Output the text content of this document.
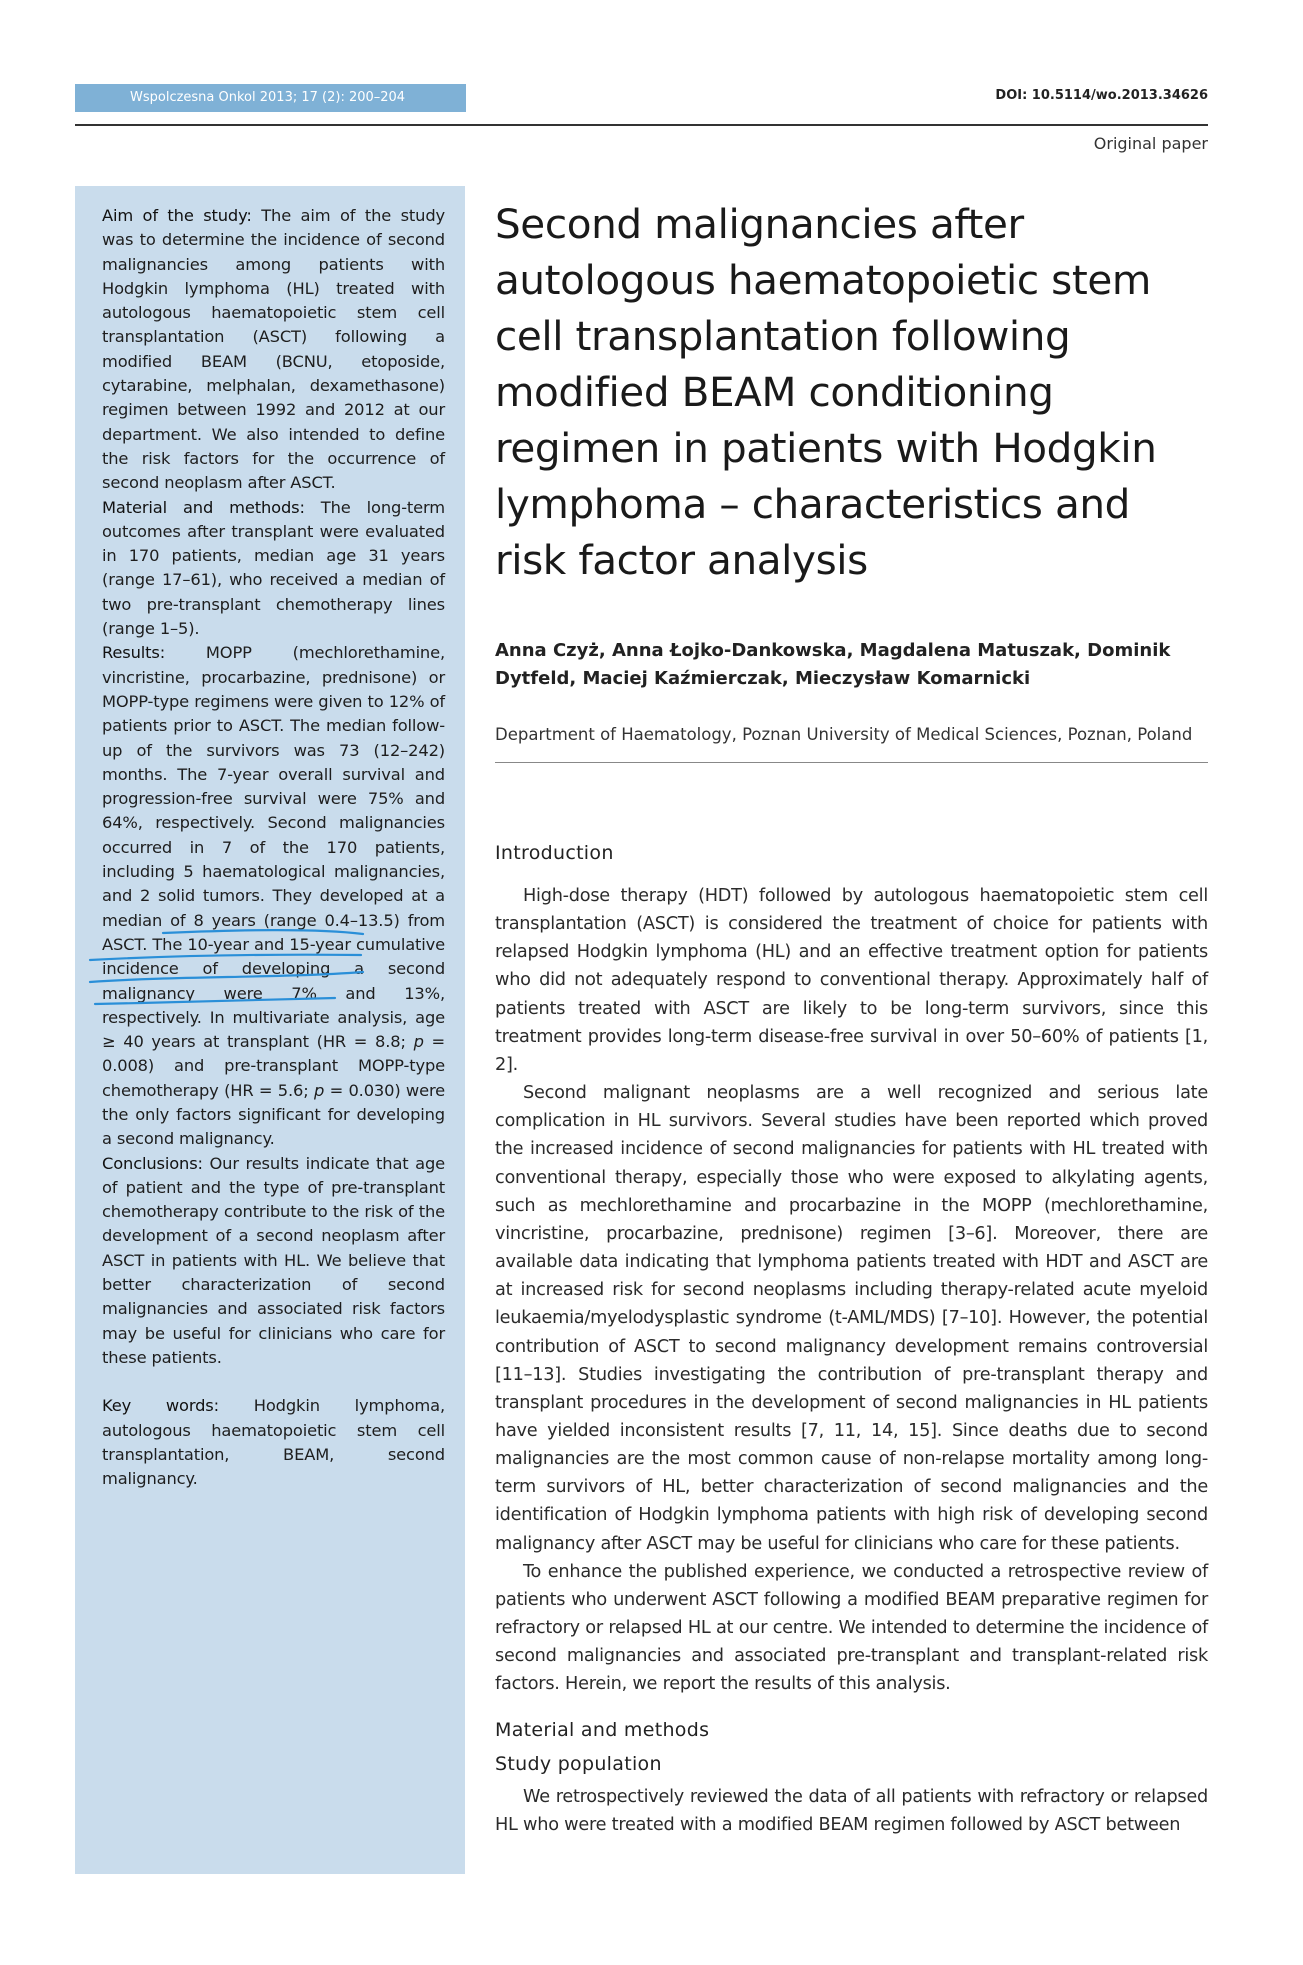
Wspolczesna Onkol 2013; 17 (2): 200–204	DOI: 10.5114/wo.2013.34626
Original paper

Aim of the study: The aim of the study was to determine the incidence of second malignancies among patients with Hodgkin lymphoma (HL) treated with autologous haematopoietic stem cell transplantation (ASCT) following a modified BEAM (BCNU, etoposide, cytarabine, melphalan, dexamethasone) regimen between 1992 and 2012 at our department. We also intended to define the risk factors for the occurrence of second neoplasm after ASCT.

Material and methods: The long-term outcomes after transplant were evaluated in 170 patients, median age 31 years (range 17–61), who received a median of two pre-transplant chemotherapy lines (range 1–5).

Results: MOPP (mechlorethamine, vincristine, procarbazine, prednisone) or MOPP-type regimens were given to 12% of patients prior to ASCT. The median follow-up of the survivors was 73 (12–242) months. The 7-year overall survival and progression-free survival were 75% and 64%, respectively. Second malignancies occurred in 7 of the 170 patients, including 5 haematological malignancies, and 2 solid tumors. They developed at a median of 8 years (range 0.4–13.5) from ASCT. The 10-year and 15-year cumulative incidence of developing a second malignancy were 7% and 13%, respectively. In multivariate analysis, age ≥ 40 years at transplant (HR = 8.8; p = 0.008) and pre-transplant MOPP-type chemotherapy (HR = 5.6; p = 0.030) were the only factors significant for developing a second malignancy.

Conclusions: Our results indicate that age of patient and the type of pre-transplant chemotherapy contribute to the risk of the development of a second neoplasm after ASCT in patients with HL. We believe that better characterization of second malignancies and associated risk factors may be useful for clinicians who care for these patients.

Key words: Hodgkin lymphoma, autologous haematopoietic stem cell transplantation, BEAM, second malignancy.

Second malignancies after autologous haematopoietic stem cell transplantation following modified BEAM conditioning regimen in patients with Hodgkin lymphoma – characteristics and risk factor analysis

Anna Czyż, Anna Łojko-Dankowska, Magdalena Matuszak, Dominik Dytfeld, Maciej Kaźmierczak, Mieczysław Komarnicki

Department of Haematology, Poznan University of Medical Sciences, Poznan, Poland

Introduction

High-dose therapy (HDT) followed by autologous haematopoietic stem cell transplantation (ASCT) is considered the treatment of choice for patients with relapsed Hodgkin lymphoma (HL) and an effective treatment option for patients who did not adequately respond to conventional therapy. Approximately half of patients treated with ASCT are likely to be long-term survivors, since this treatment provides long-term disease-free survival in over 50–60% of patients [1, 2].

Second malignant neoplasms are a well recognized and serious late complication in HL survivors. Several studies have been reported which proved the increased incidence of second malignancies for patients with HL treated with conventional therapy, especially those who were exposed to alkylating agents, such as mechlorethamine and procarbazine in the MOPP (mechlorethamine, vincristine, procarbazine, prednisone) regimen [3–6]. Moreover, there are available data indicating that lymphoma patients treated with HDT and ASCT are at increased risk for second neoplasms including therapy-related acute myeloid leukaemia/myelodysplastic syndrome (t-AML/MDS) [7–10]. However, the potential contribution of ASCT to second malignancy development remains controversial [11–13]. Studies investigating the contribution of pre-transplant therapy and transplant procedures in the development of second malignancies in HL patients have yielded inconsistent results [7, 11, 14, 15]. Since deaths due to second malignancies are the most common cause of non-relapse mortality among long-term survivors of HL, better characterization of second malignancies and the identification of Hodgkin lymphoma patients with high risk of developing second malignancy after ASCT may be useful for clinicians who care for these patients.

To enhance the published experience, we conducted a retrospective review of patients who underwent ASCT following a modified BEAM preparative regimen for refractory or relapsed HL at our centre. We intended to determine the incidence of second malignancies and associated pre-transplant and transplant-related risk factors. Herein, we report the results of this analysis.

Material and methods
Study population

We retrospectively reviewed the data of all patients with refractory or relapsed HL who were treated with a modified BEAM regimen followed by ASCT between
